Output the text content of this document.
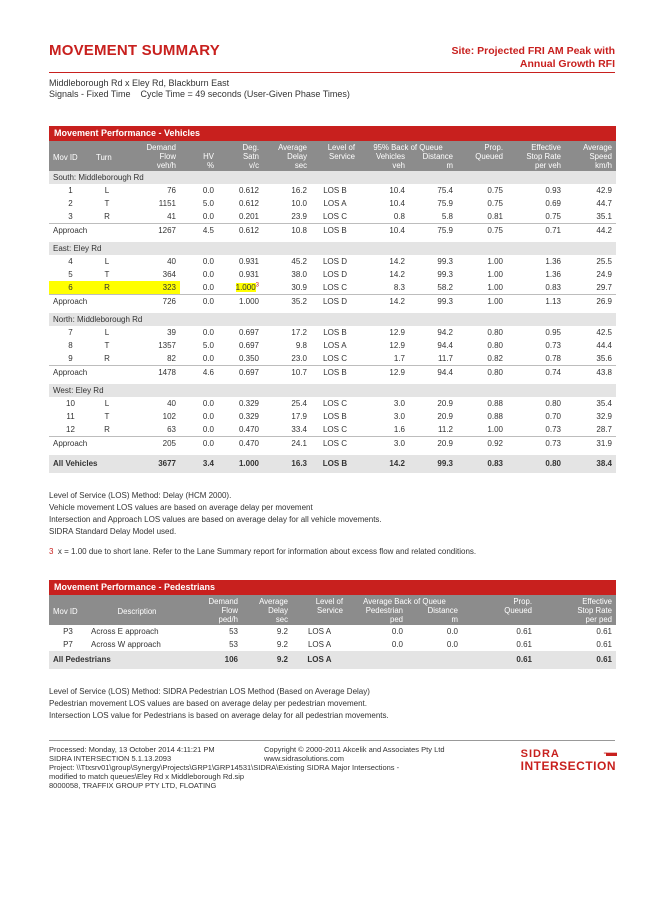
MOVEMENT SUMMARY	Site: Projected FRI AM Peak with
Annual Growth RFI
Middleborough Rd x Eley Rd, Blackburn East
Signals - Fixed Time    Cycle Time = 49 seconds (User-Given Phase Times)
Movement Performance - Vehicles
Mov ID	Turn	Demand		Deg.	Average	Level of	95% Back of Queue		Prop.	Effective	Average
		Flow	HV	Satn	Delay	Service	Vehicles	Distance	Queued	Stop Rate	Speed
		veh/h	%	v/c	sec		veh	m		per veh	km/h
South: Middleborough Rd											
1	L	76	0.0	0.612	16.2	LOS B	10.4	75.4	0.75	0.93	42.9
2	T	1151	5.0	0.612	10.0	LOS A	10.4	75.9	0.75	0.69	44.7
3	R	41	0.0	0.201	23.9	LOS C	0.8	5.8	0.81	0.75	35.1
Approach		1267	4.5	0.612	10.8	LOS B	10.4	75.9	0.75	0.71	44.2

East: Eley Rd											
4	L	40	0.0	0.931	45.2	LOS D	14.2	99.3	1.00	1.36	25.5
5	T	364	0.0	0.931	38.0	LOS D	14.2	99.3	1.00	1.36	24.9
6	R	323	0.0	1.000$^3$	30.9	LOS C	8.3	58.2	1.00	0.83	29.7
Approach		726	0.0	1.000	35.2	LOS D	14.2	99.3	1.00	1.13	26.9

North: Middleborough Rd											
7	L	39	0.0	0.697	17.2	LOS B	12.9	94.2	0.80	0.95	42.5
8	T	1357	5.0	0.697	9.8	LOS A	12.9	94.4	0.80	0.73	44.4
9	R	82	0.0	0.350	23.0	LOS C	1.7	11.7	0.82	0.78	35.6
Approach		1478	4.6	0.697	10.7	LOS B	12.9	94.4	0.80	0.74	43.8

West: Eley Rd											
10	L	40	0.0	0.329	25.4	LOS C	3.0	20.9	0.88	0.80	35.4
11	T	102	0.0	0.329	17.9	LOS B	3.0	20.9	0.88	0.70	32.9
12	R	63	0.0	0.470	33.4	LOS C	1.6	11.2	1.00	0.73	28.7
Approach		205	0.0	0.470	24.1	LOS C	3.0	20.9	0.92	0.73	31.9

All Vehicles		3677	3.4	1.000	16.3	LOS B	14.2	99.3	0.83	0.80	38.4
Level of Service (LOS) Method: Delay (HCM 2000).
Vehicle movement LOS values are based on average delay per movement
Intersection and Approach LOS values are based on average delay for all vehicle movements.
SIDRA Standard Delay Model used.
3 x = 1.00 due to short lane. Refer to the Lane Summary report for information about excess flow and related conditions.
Movement Performance - Pedestrians
Mov ID	Description	Demand	Average	Level of	Average Back of Queue		Prop.	Effective
		Flow	Delay	Service	Pedestrian	Distance	Queued	Stop Rate
		ped/h	sec		ped	m		per ped
P3	Across E approach	53	9.2	LOS A	0.0	0.0	0.61	0.61
P7	Across W approach	53	9.2	LOS A	0.0	0.0	0.61	0.61
All Pedestrians		106	9.2	LOS A			0.61	0.61
Level of Service (LOS) Method: SIDRA Pedestrian LOS Method (Based on Average Delay)
Pedestrian movement LOS values are based on average delay per pedestrian movement.
Intersection LOS value for Pedestrians is based on average delay for all pedestrian movements.
Processed: Monday, 13 October 2014 4:11:21 PM
SIDRA INTERSECTION 5.1.13.2093
Project: \\Ttxsrv01\group\Synergy\Projects\GRP1\GRP14531\SIDRA\Existing SIDRA Major Intersections -
modified to match queues\Eley Rd x Middleborough Rd.sip
8000058, TRAFFIX GROUP PTY LTD, FLOATING
Copyright © 2000-2011 Akcelik and Associates Pty Ltd
www.sidrasolutions.com	-▬
SIDRA
INTERSECTION
